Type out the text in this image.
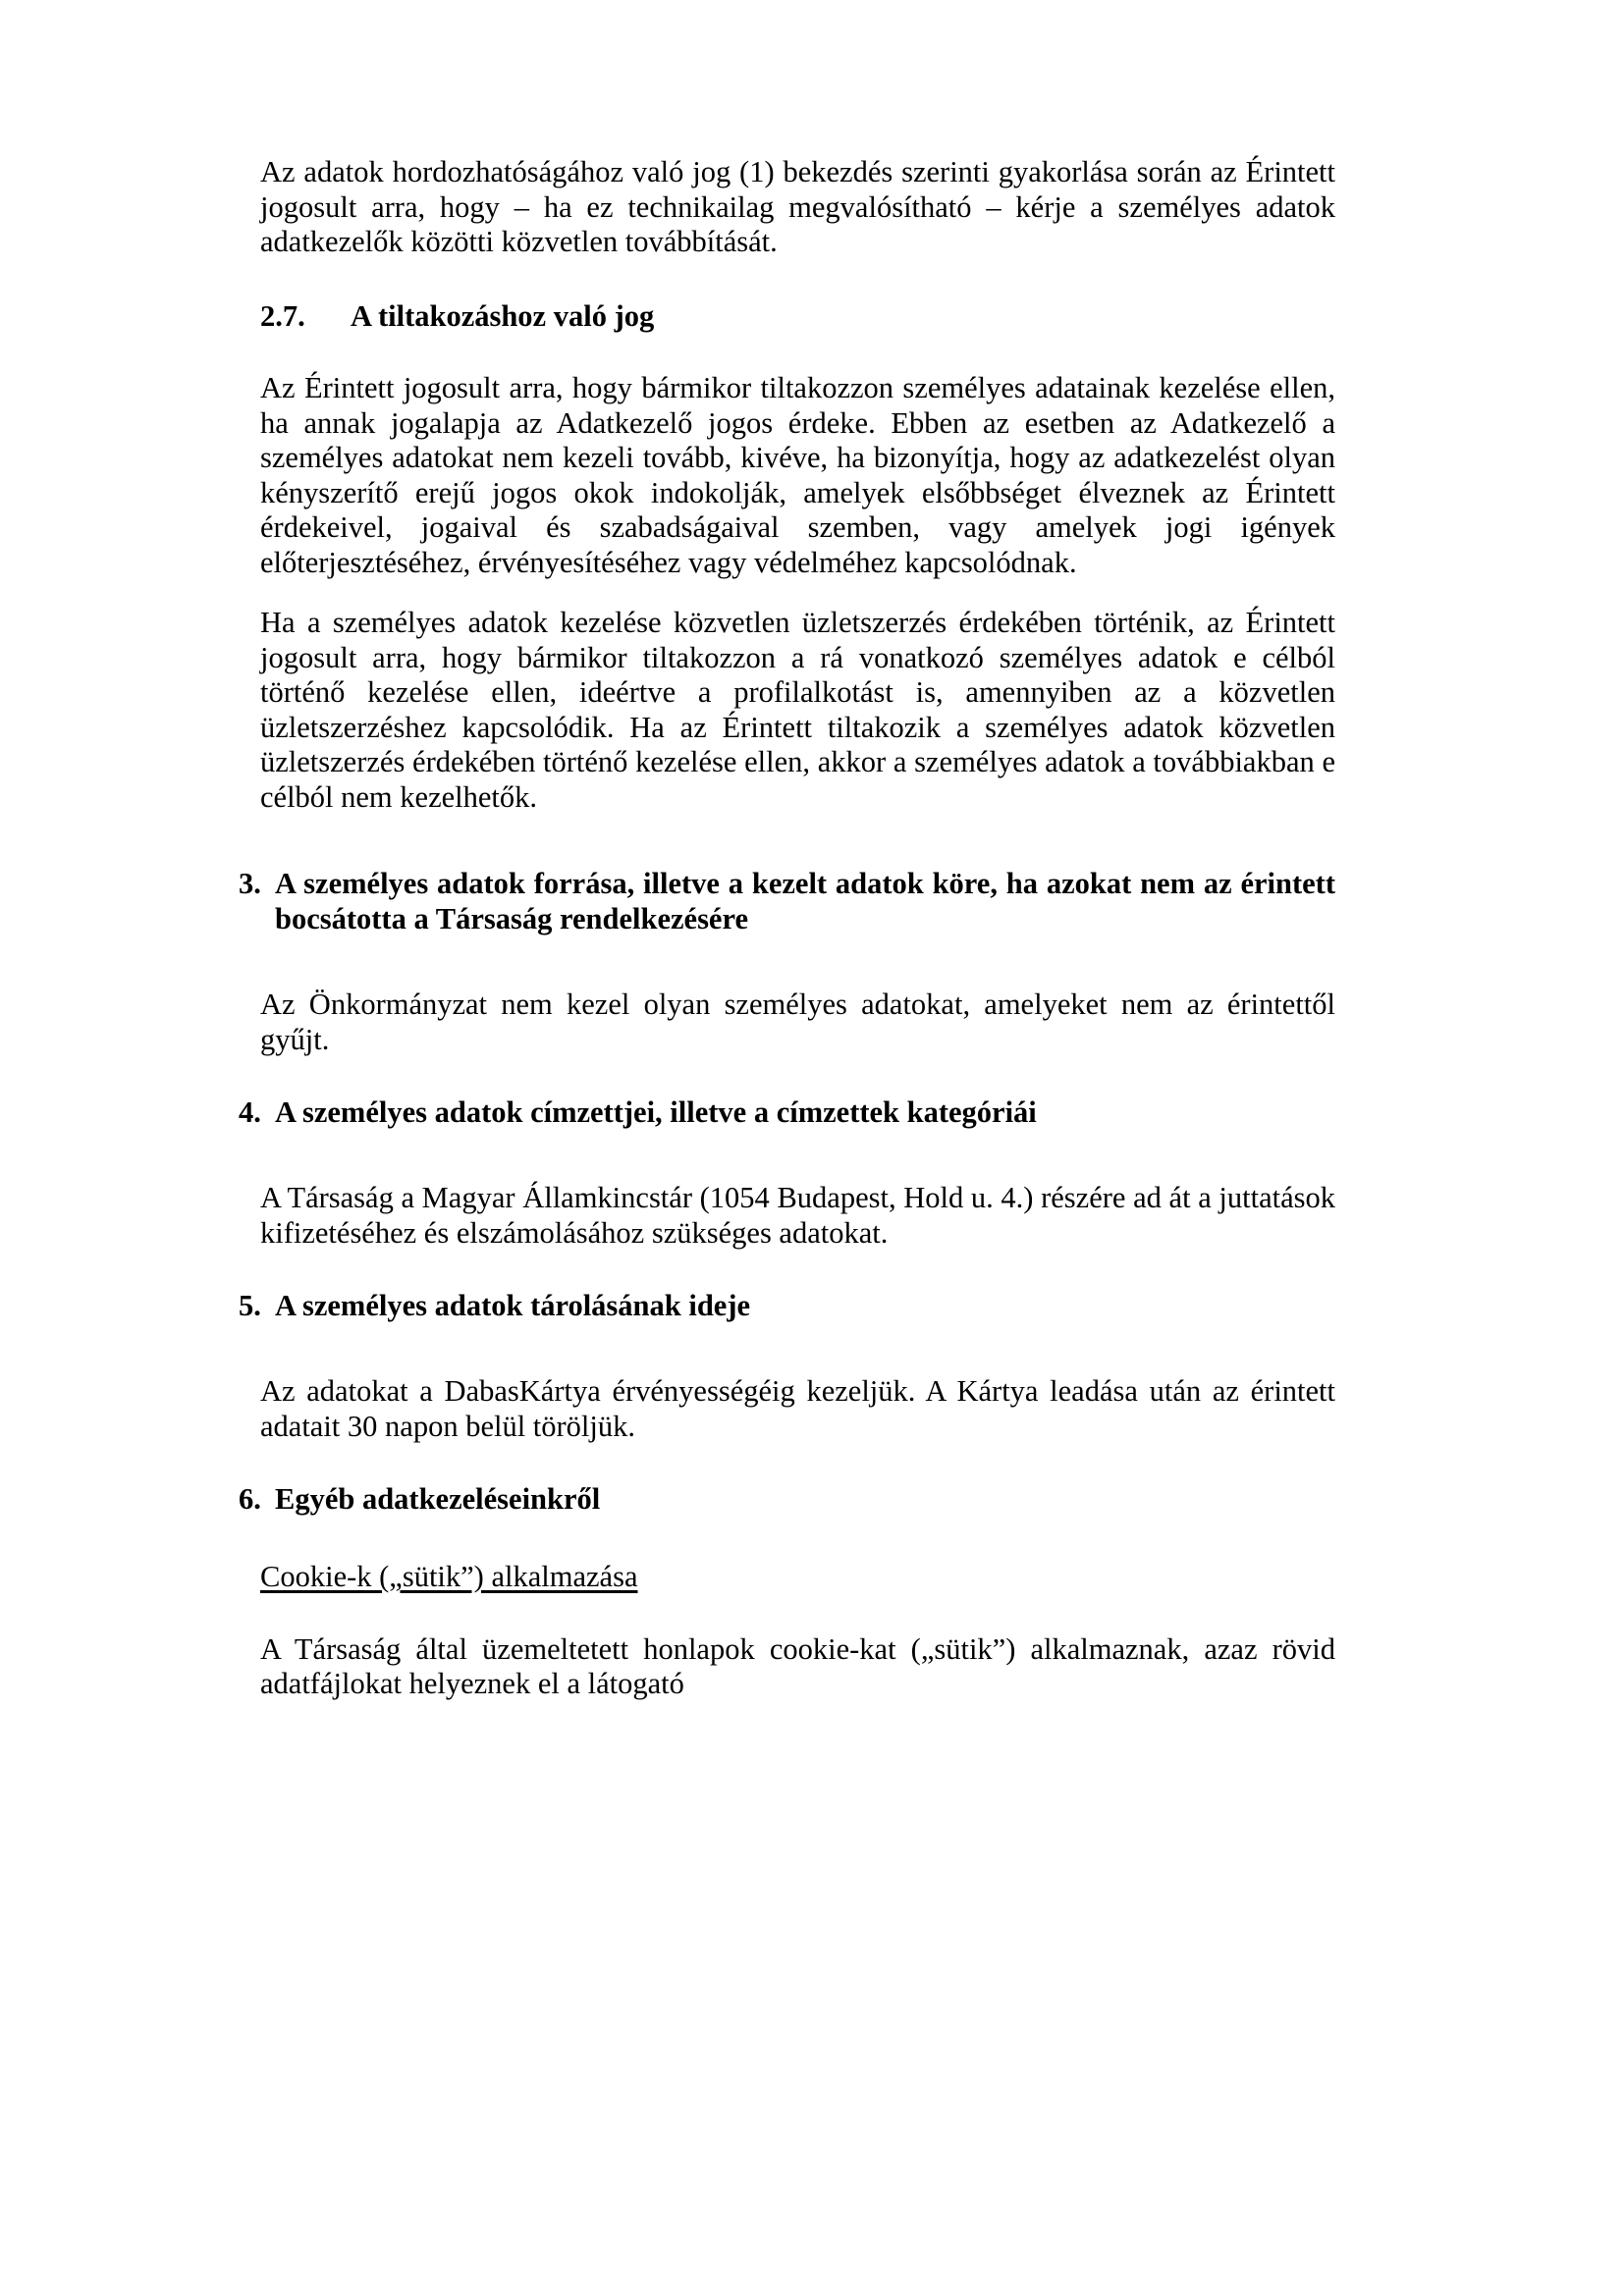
Az adatok hordozhatóságához való jog (1) bekezdés szerinti gyakorlása során az Érintett jogosult arra, hogy – ha ez technikailag megvalósítható – kérje a személyes adatok adatkezelők közötti közvetlen továbbítását.

2.7.	A tiltakozáshoz való jog

Az Érintett jogosult arra, hogy bármikor tiltakozzon személyes adatainak kezelése ellen, ha annak jogalapja az Adatkezelő jogos érdeke. Ebben az esetben az Adatkezelő a személyes adatokat nem kezeli tovább, kivéve, ha bizonyítja, hogy az adatkezelést olyan kényszerítő erejű jogos okok indokolják, amelyek elsőbbséget élveznek az Érintett érdekeivel, jogaival és szabadságaival szemben, vagy amelyek jogi igények előterjesztéséhez, érvényesítéséhez vagy védelméhez kapcsolódnak.

Ha a személyes adatok kezelése közvetlen üzletszerzés érdekében történik, az Érintett jogosult arra, hogy bármikor tiltakozzon a rá vonatkozó személyes adatok e célból történő kezelése ellen, ideértve a profilalkotást is, amennyiben az a közvetlen üzletszerzéshez kapcsolódik. Ha az Érintett tiltakozik a személyes adatok közvetlen üzletszerzés érdekében történő kezelése ellen, akkor a személyes adatok a továbbiakban e célból nem kezelhetők.

3. A személyes adatok forrása, illetve a kezelt adatok köre, ha azokat nem az érintett bocsátotta a Társaság rendelkezésére

Az Önkormányzat nem kezel olyan személyes adatokat, amelyeket nem az érintettől gyűjt.

4. A személyes adatok címzettjei, illetve a címzettek kategóriái

A Társaság a Magyar Államkincstár (1054 Budapest, Hold u. 4.) részére ad át a juttatások kifizetéséhez és elszámolásához szükséges adatokat.

5. A személyes adatok tárolásának ideje

Az adatokat a DabasKártya érvényességéig kezeljük. A Kártya leadása után az érintett adatait 30 napon belül töröljük.

6. Egyéb adatkezeléseinkről
Cookie-k („sütik”) alkalmazása

A Társaság által üzemeltetett honlapok cookie-kat („sütik”) alkalmaznak, azaz rövid adatfájlokat helyeznek el a látogató
